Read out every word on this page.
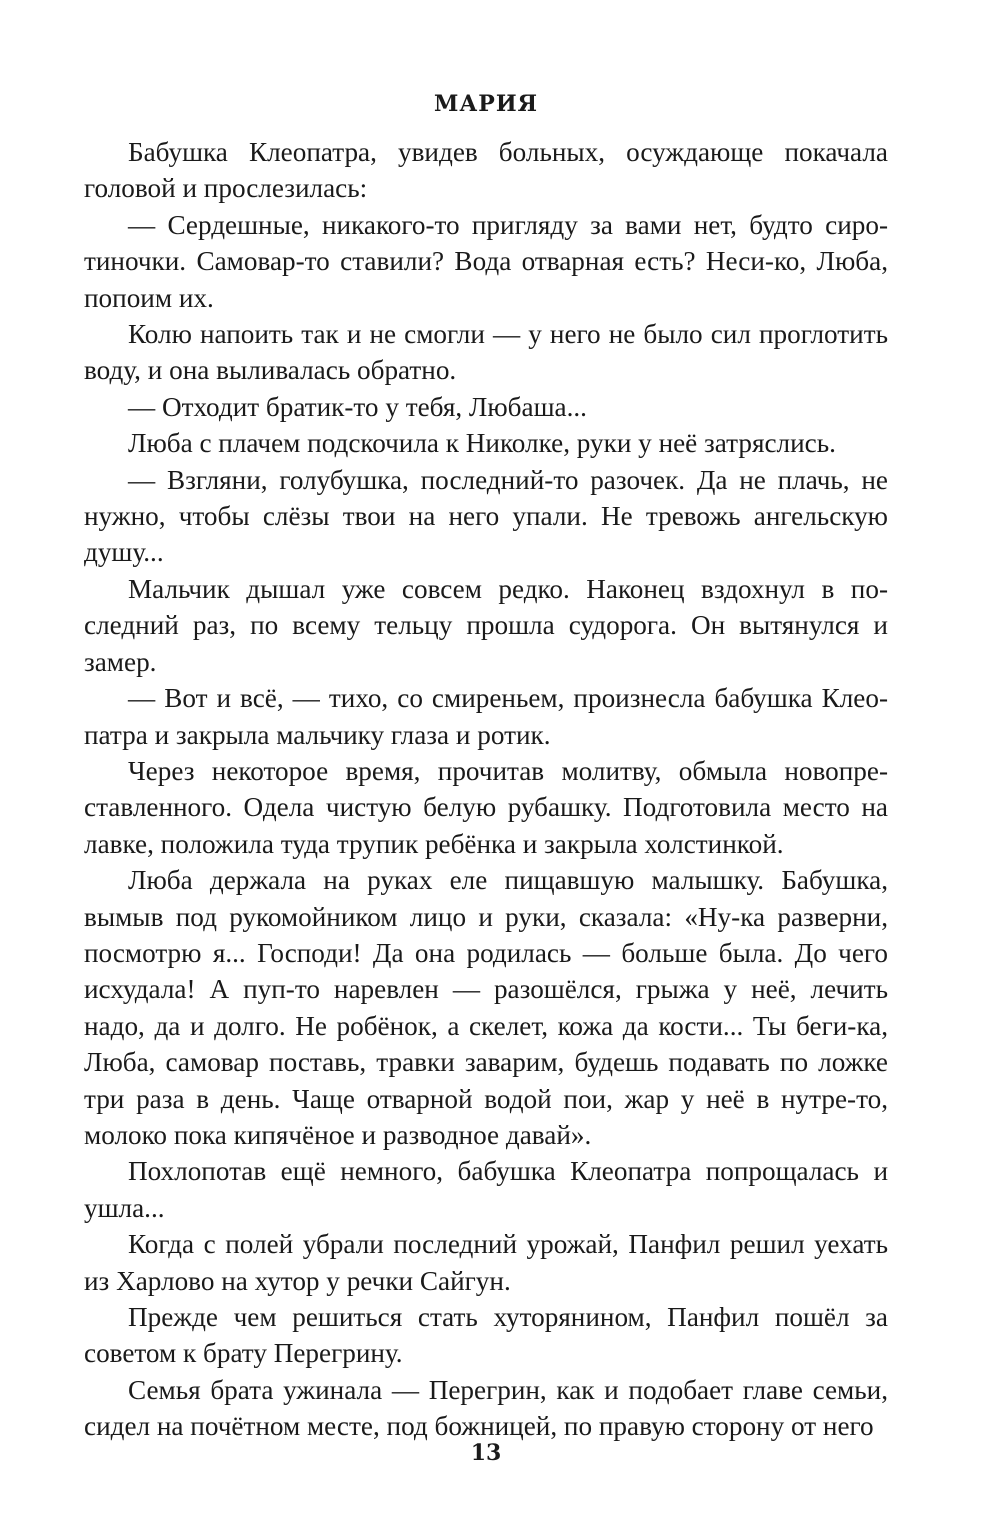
МАРИЯ

Бабушка Клеопатра, увидев больных, осуждающе покачала головой и прослезилась:

— Сердешные, никакого-то пригляду за вами нет, будто сиротиночки. Самовар-то ставили? Вода отварная есть? Неси-ко, Люба, попоим их.

Колю напоить так и не смогли — у него не было сил проглотить воду, и она выливалась обратно.

— Отходит братик-то у тебя, Любаша...

Люба с плачем подскочила к Николке, руки у неё затряслись.

— Взгляни, голубушка, последний-то разочек. Да не плачь, не нужно, чтобы слёзы твои на него упали. Не тревожь ангельскую душу...

Мальчик дышал уже совсем редко. Наконец вздохнул в последний раз, по всему тельцу прошла судорога. Он вытянулся и замер.

— Вот и всё, — тихо, со смиреньем, произнесла бабушка Клеопатра и закрыла мальчику глаза и ротик.

Через некоторое время, прочитав молитву, обмыла новопреставленного. Одела чистую белую рубашку. Подготовила место на лавке, положила туда трупик ребёнка и закрыла холстинкой.

Люба держала на руках еле пищавшую малышку. Бабушка, вымыв под рукомойником лицо и руки, сказала: «Ну-ка разверни, посмотрю я... Господи! Да она родилась — больше была. До чего исхудала! А пуп-то наревлен — разошёлся, грыжа у неё, лечить надо, да и долго. Не робёнок, а скелет, кожа да кости... Ты беги-ка, Люба, самовар поставь, травки заварим, будешь подавать по ложке три раза в день. Чаще отварной водой пои, жар у неё в нутре-то, молоко пока кипячёное и разводное давай».

Похлопотав ещё немного, бабушка Клеопатра попрощалась и ушла...

Когда с полей убрали последний урожай, Панфил решил уехать из Харлово на хутор у речки Сайгун.

Прежде чем решиться стать хуторянином, Панфил пошёл за советом к брату Перегрину.

Семья брата ужинала — Перегрин, как и подобает главе семьи, сидел на почётном месте, под божницей, по правую сторону от него

13
